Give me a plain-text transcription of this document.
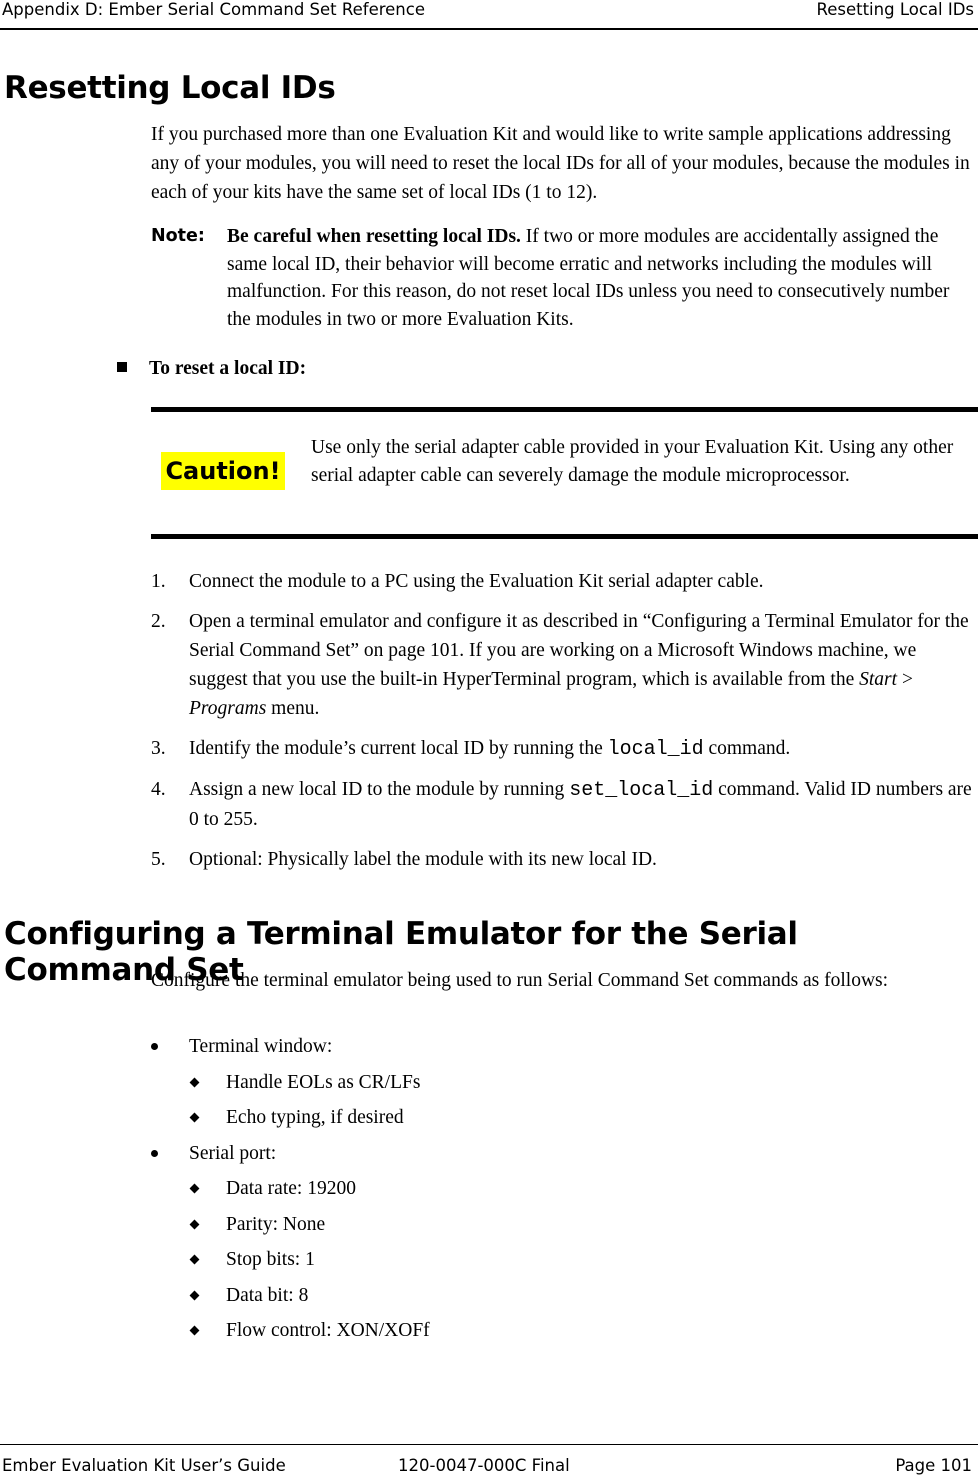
Appendix D: Ember Serial Command Set Reference	Resetting Local IDs
Resetting Local IDs

If you purchased more than one Evaluation Kit and would like to write sample applications addressing any of your modules, you will need to reset the local IDs for all of your modules, because the modules in each of your kits have the same set of local IDs (1 to 12).

Note: Be careful when resetting local IDs. If two or more modules are accidentally assigned the same local ID, their behavior will become erratic and networks including the modules will malfunction. For this reason, do not reset local IDs unless you need to consecutively number the modules in two or more Evaluation Kits.

To reset a local ID:
Caution!
Use only the serial adapter cable provided in your Evaluation Kit. Using any other serial adapter cable can severely damage the module microprocessor.
1. Connect the module to a PC using the Evaluation Kit serial adapter cable.
2. Open a terminal emulator and configure it as described in “Configuring a Terminal Emulator for the Serial Command Set” on page 101. If you are working on a Microsoft Windows machine, we suggest that you use the built-in HyperTerminal program, which is available from the Start > Programs menu.
3. Identify the module’s current local ID by running the local_id command.
4. Assign a new local ID to the module by running set_local_id command. Valid ID numbers are 0 to 255.
5. Optional: Physically label the module with its new local ID.
Configuring a Terminal Emulator for the Serial Command Set

Configure the terminal emulator being used to run Serial Command Set commands as follows:

Terminal window:
Handle EOLs as CR/LFs
Echo typing, if desired
Serial port:
Data rate: 19200
Parity: None
Stop bits: 1
Data bit: 8
Flow control: XON/XOFf
Ember Evaluation Kit User’s Guide	120-0047-000C Final	Page 101
